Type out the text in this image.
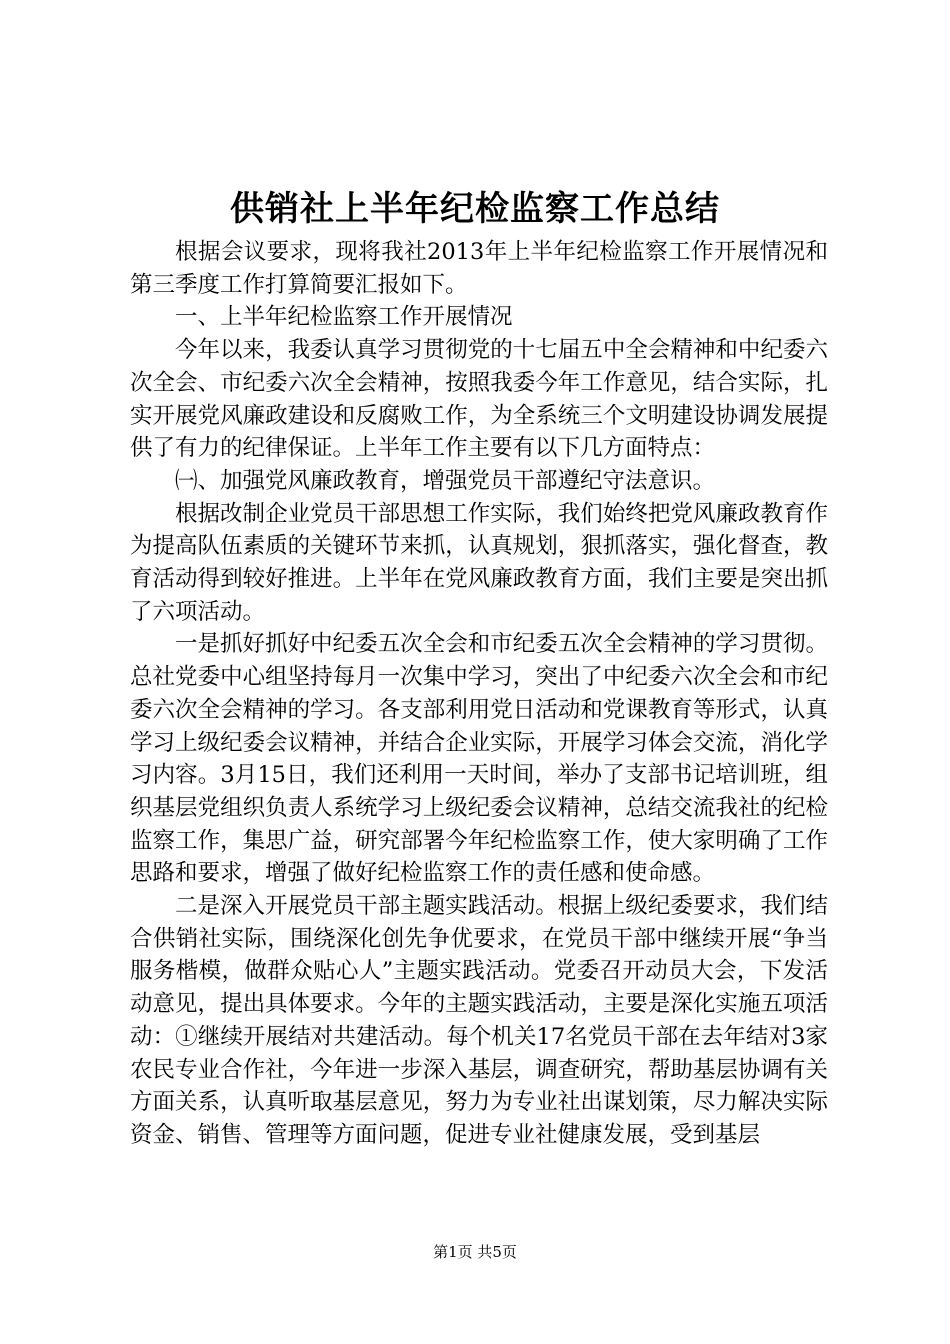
供销社上半年纪检监察工作总结

根据会议要求，现将我社2013年上半年纪检监察工作开展情况和第三季度工作打算简要汇报如下。

一、上半年纪检监察工作开展情况

今年以来，我委认真学习贯彻党的十七届五中全会精神和中纪委六次全会、市纪委六次全会精神，按照我委今年工作意见，结合实际，扎实开展党风廉政建设和反腐败工作，为全系统三个文明建设协调发展提供了有力的纪律保证。上半年工作主要有以下几方面特点：

㈠、加强党风廉政教育，增强党员干部遵纪守法意识。

根据改制企业党员干部思想工作实际，我们始终把党风廉政教育作为提高队伍素质的关键环节来抓，认真规划，狠抓落实，强化督查，教育活动得到较好推进。上半年在党风廉政教育方面，我们主要是突出抓了六项活动。

一是抓好抓好中纪委五次全会和市纪委五次全会精神的学习贯彻。总社党委中心组坚持每月一次集中学习，突出了中纪委六次全会和市纪委六次全会精神的学习。各支部利用党日活动和党课教育等形式，认真学习上级纪委会议精神，并结合企业实际，开展学习体会交流，消化学习内容。3月15日，我们还利用一天时间，举办了支部书记培训班，组织基层党组织负责人系统学习上级纪委会议精神，总结交流我社的纪检监察工作，集思广益，研究部署今年纪检监察工作，使大家明确了工作思路和要求，增强了做好纪检监察工作的责任感和使命感。

二是深入开展党员干部主题实践活动。根据上级纪委要求，我们结合供销社实际，围绕深化创先争优要求，在党员干部中继续开展“争当服务楷模，做群众贴心人”主题实践活动。党委召开动员大会，下发活动意见，提出具体要求。今年的主题实践活动，主要是深化实施五项活动：①继续开展结对共建活动。每个机关17名党员干部在去年结对3家农民专业合作社，今年进一步深入基层，调查研究，帮助基层协调有关方面关系，认真听取基层意见，努力为专业社出谋划策，尽力解决实际资金、销售、管理等方面问题，促进专业社健康发展，受到基层

第1页 共5页
